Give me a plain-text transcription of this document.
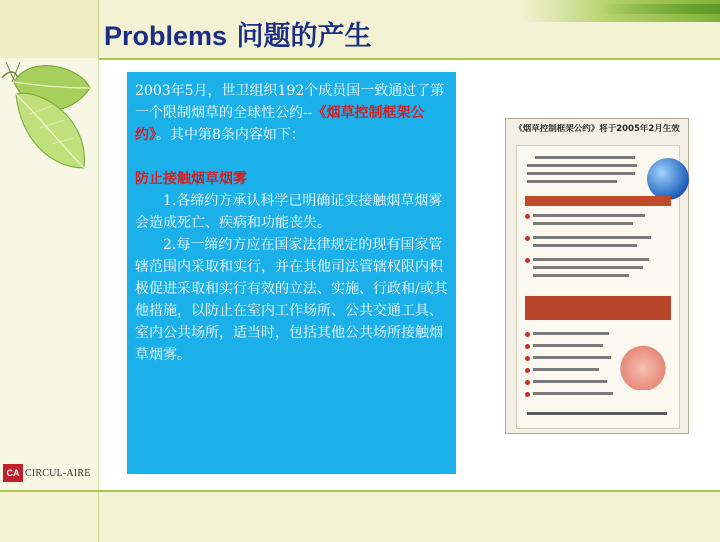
Problems 问题的产生
CA CIRCUL-AIRE

2003年5月，世卫组织192个成员国一致通过了第一个限制烟草的全球性公约--《烟草控制框架公约》。其中第8条内容如下：

防止接触烟草烟雾

1.各缔约方承认科学已明确证实接触烟草烟雾会造成死亡、疾病和功能丧失。

2.每一缔约方应在国家法律规定的现有国家管辖范围内采取和实行，并在其他司法管辖权限内积极促进采取和实行有效的立法、实施、行政和/或其他措施，以防止在室内工作场所、公共交通工具、室内公共场所，适当时，包括其他公共场所接触烟草烟雾。

《烟草控制框架公约》将于2005年2月生效
